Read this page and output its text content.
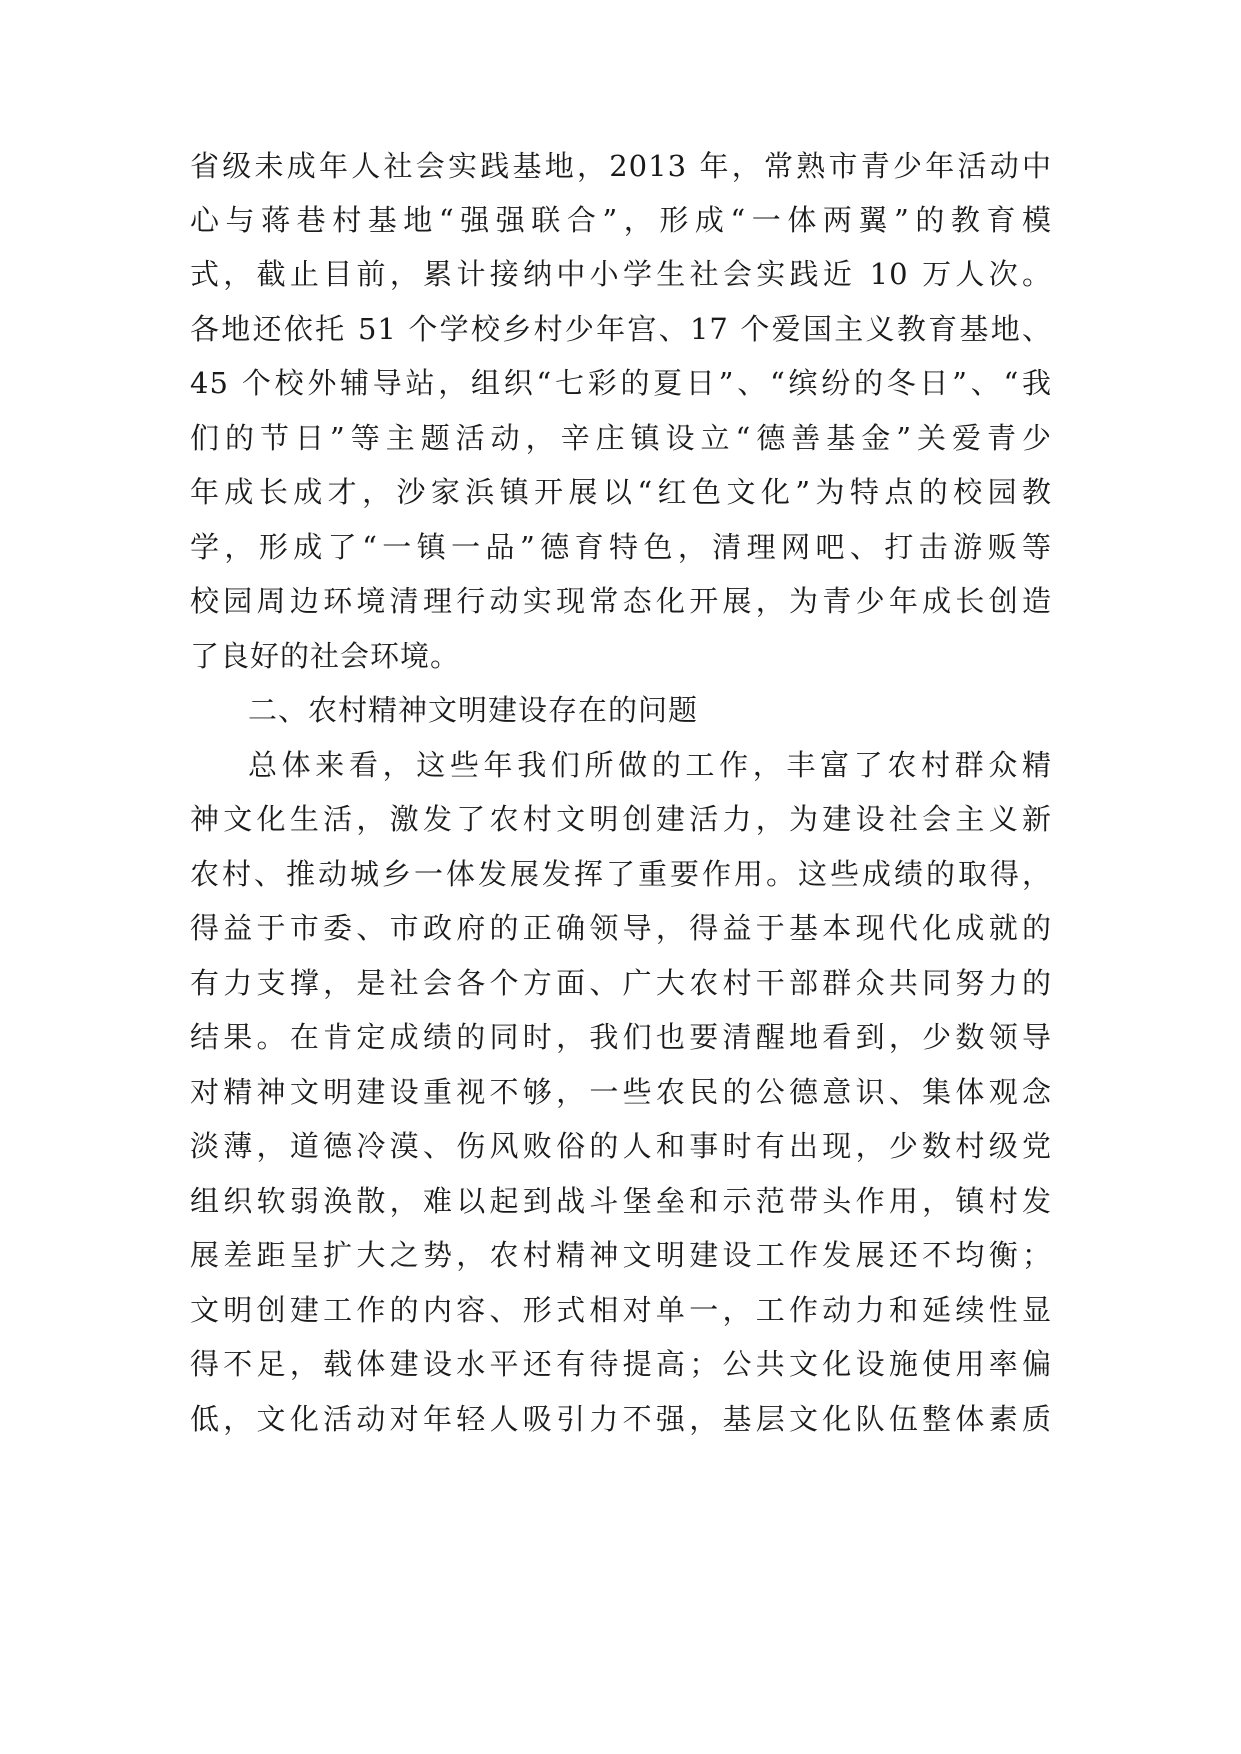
省级未成年人社会实践基地，2013 年，常熟市青少年活动中
心与蒋巷村基地“强强联合”，形成“一体两翼”的教育模
式，截止目前，累计接纳中小学生社会实践近 10 万人次。
各地还依托 51 个学校乡村少年宫、17 个爱国主义教育基地、
45 个校外辅导站，组织“七彩的夏日”、“缤纷的冬日”、“我
们的节日”等主题活动，辛庄镇设立“德善基金”关爱青少
年成长成才，沙家浜镇开展以“红色文化”为特点的校园教
学，形成了“一镇一品”德育特色，清理网吧、打击游贩等
校园周边环境清理行动实现常态化开展，为青少年成长创造
了良好的社会环境。
二、农村精神文明建设存在的问题
总体来看，这些年我们所做的工作，丰富了农村群众精
神文化生活，激发了农村文明创建活力，为建设社会主义新
农村、推动城乡一体发展发挥了重要作用。这些成绩的取得，
得益于市委、市政府的正确领导，得益于基本现代化成就的
有力支撑，是社会各个方面、广大农村干部群众共同努力的
结果。在肯定成绩的同时，我们也要清醒地看到，少数领导
对精神文明建设重视不够，一些农民的公德意识、集体观念
淡薄，道德冷漠、伤风败俗的人和事时有出现，少数村级党
组织软弱涣散，难以起到战斗堡垒和示范带头作用，镇村发
展差距呈扩大之势，农村精神文明建设工作发展还不均衡；
文明创建工作的内容、形式相对单一，工作动力和延续性显
得不足，载体建设水平还有待提高；公共文化设施使用率偏
低，文化活动对年轻人吸引力不强，基层文化队伍整体素质
